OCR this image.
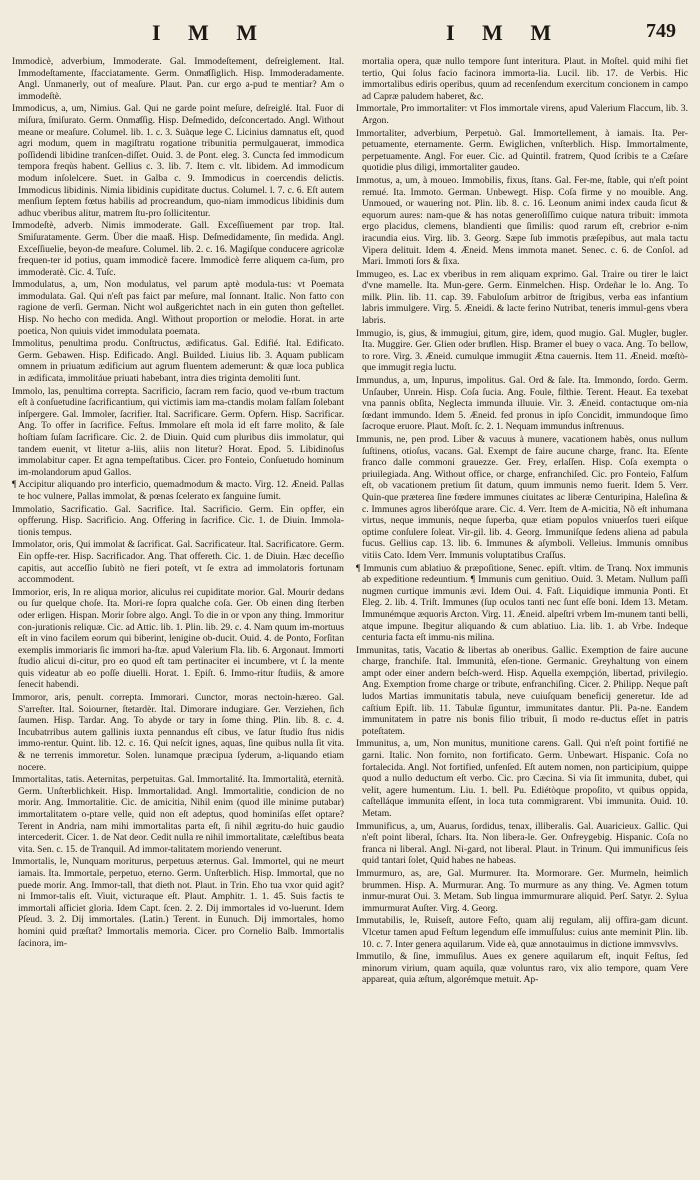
I M M	I M M	749

Immodicè, adverbium, Immoderate. Gal. Immodeſtement, deſreiglement. Ital. Immodeſtamente, ſfacciatamente. Germ. Onmaͤſſiglich. Hisp. Immoderadamente. Angl. Unmanerly, out of meaſure. Plaut. Pan. cur ergo a-pud te mentiar? Am o immodeſtè.

Immodicus, a, um, Nimius. Gal. Qui ne garde point meſure, deſreiglé. Ital. Fuor di miſura, ſmiſurato. Germ. Onmaͤſſig. Hisp. Deſmedido, deſconcertado. Angl. Without meane or meaſure. Columel. lib. 1. c. 3. Suàque lege C. Licinius damnatus eſt, quod agri modum, quem in magiſtratu rogatione tribunitia permulgauerat, immodica poſſidendi libidine tranſcen-diſſet. Ouid. 3. de Pont. eleg. 3. Cuncta ſed immodicum tempora freqùs habent. Gellius c. 3. lib. 7. Item c. vlt. libidem. Ad immodicum modum inſolelcere. Suet. in Galba c. 9. Immodicus in coercendis delictis. Immodicus libidinis. Nimia libidinis cupiditate ductus. Columel. l. 7. c. 6. Eſt autem menſium ſeptem fœtus habilis ad procreandum, quo-niam immodicus libidinis dum adhuc vberibus alitur, matrem ſtu-pro ſollicitentur.

Immodeſtè, adverb. Nimis immoderate. Gall. Exceſſiuement par trop. Ital. Smiſuratamente. Germ. Über die maaß. Hisp. Deſmedidamente, ſin medida. Angl. Exceſſiuelie, beyon-de meaſure. Columel. lib. 2. c. 16. Magiſque conducere agricolæ frequen-ter id potius, quam immodicè facere. Immodicè ferre aliquem ca-ſum, pro immoderatè. Cic. 4. Tuſc.

Immodulatus, a, um, Non modulatus, vel parum aptè modula-tus: vt Poemata immodulata. Gal. Qui n'eſt pas faict par meſure, mal ſonnant. Italic. Non fatto con ragione de verſi. German. Nicht wol außgerichtet nach in ein guten thon geſtellet. Hisp. No hecho con medida. Angl. Without proportion or melodie. Horat. in arte poetica, Non quiuis videt immodulata poemata.

Immolitus, penultima produ. Conſtructus, ædificatus. Gal. Edifié. Ital. Edificato. Germ. Gebawen. Hisp. Edificado. Angl. Builded. Liuius lib. 3. Aquam publicam omnem in priuatum ædificium aut agrum fluentem ademerunt: & quæ loca publica in ædificata, immolitáue priuati habebant, intra dies triginta demoliti ſunt.

Immolo, las, penultima correpta. Sacrificio, ſacram rem facio, quod ve-rbum tractum eſt à conſuetudine ſacrificantium, qui victimis iam ma-ctandis molam falſam ſolebant inſpergere. Gal. Immoler, ſacrifier. Ital. Sacrificare. Germ. Opfern. Hisp. Sacrificar. Ang. To offer in ſacrifice. Feſtus. Immolare eſt mola id eſt farre molito, & ſale hoſtiam ſuſam ſacrificare. Cic. 2. de Diuin. Quid cum pluribus diis immolatur, qui tandem euenit, vt litetur a-liis, aliis non litetur? Horat. Epod. 5. Libidinoſus immolabitur caper. Et agna tempeſtatibus. Cicer. pro Fonteio, Conſuetudo hominum im-molandorum apud Gallos.

¶ Accipitur aliquando pro interficio, quemadmodum & macto. Virg. 12. Æneid. Pallas te hoc vulnere, Pallas immolat, & pœnas ſcelerato ex ſanguine ſumit.

Immolatio, Sacrificatio. Gal. Sacrifice. Ital. Sacrificio. Germ. Ein opffer, ein opfferung. Hisp. Sacrificio. Ang. Offering in ſacrifice. Cic. 1. de Diuin. Immola-tionis tempus.

Immolator, oris, Qui immolat & ſacrificat. Gal. Sacrificateur. Ital. Sacrificatore. Germ. Ein opffe-rer. Hisp. Sacrificador. Ang. That offereth. Cic. 1. de Diuin. Hæc deceſſio capitis, aut acceſſio ſubitò ne fieri poteſt, vt ſe extra ad immolatoris fortunam accommodent.

Immorior, eris, In re aliqua morior, aliculus rei cupiditate morior. Gal. Mourir dedans ou ſur quelque choſe. Ita. Mori-re ſopra qualche coſa. Ger. Ob einen ding ſterben oder erligen. Hispan. Morir ſobre algo. Angl. To die in or vpon any thing. Immoritur con-jurationis reliquæ. Cic. ad Attic. lib. 1. Plin. lib. 29. c. 4. Nam quum im-mortuus eſt in vino facilem eorum qui biberint, lenigine ob-ducit. Ouid. 4. de Ponto, Forſitan exemplis immoriaris ſic immori ha-ſtæ. apud Valerium Fla. lib. 6. Argonaut. Immorti ſtudio alicui di-citur, pro eo quod eſt tam pertinaciter ei incumbere, vt ſ. la mente quis videatur ab eo poſſe diuelli. Horat. 1. Epiſt. 6. Immo-ritur ſtudiis, & amore ſenecit habendi.

Immoror, aris, penult. correpta. Immorari. Cunctor, moras nectoin-hæreo. Gal. S'arreſter. Ital. Soiourner, ſtetardèr. Ital. Dimorare indugiare. Ger. Verziehen, ſich ſaumen. Hisp. Tardar. Ang. To abyde or tary in ſome thing. Plin. lib. 8. c. 4. Incubatrribus autem gallinis iuxta pennandus eſt cibus, ve ſatur ſtudio ſtus nidis immo-rentur. Quint. lib. 12. c. 16. Qui neſcit ignes, aquas, ſine quibus nulla ſit vita. & ne terrenis immoretur. Solen. lunamque præcipua ſyderum, a-liquando etiam nocere.

Immortalitas, tatis. Aeternitas, perpetuitas. Gal. Immortalité. Ita. Immortalità, eternità. Germ. Unſterblichkeit. Hisp. Immortalidad. Angl. Immortalitie, condicion de no morir. Ang. Immortalitie. Cic. de amicitia, Nihil enim (quod ille minime putabar) immortalitatem o-ptare velle, quid non eſt adeptus, quod hominiſas eſſet optare? Terent in Andria, nam mihi immortalitas parta eſt, ſi nihil ægritu-do huic gaudio intercederit. Cicer. 1. de Nat deor. Cedit nulla re nihil immortalitate, cæleſtibus beata vita. Sen. c. 15. de Tranquil. Ad immor-talitatem moriendo venerunt.

Immortalis, le, Nunquam moriturus, perpetuus æternus. Gal. Immortel, qui ne meurt iamais. Ita. Immortale, perpetuo, eterno. Germ. Unſterblich. Hisp. Immortal, que no puede morir. Ang. Immor-tall, that dieth not. Plaut. in Trin. Eho tua vxor quid agit? ni Immor-talis eſt. Viuit, victuraque eſt. Plaut. Amphitr. 1. 1. 45. Suis factis te immortali aſficiet gloria. Idem Capt. ſcen. 2. 2. Dij immortales id vo-luerunt. Idem Pſeud. 3. 2. Dij immortales. (Latin.) Terent. in Eunuch. Dij immortales, homo homini quid præſtat? Immortalis memoria. Cicer. pro Cornelio Balb. Immortalis ſacinora, im-

mortalia opera, quæ nullo tempore ſunt interitura. Plaut. in Moſtel. quid mihi fiet tertio, Qui ſolus facio facinora immorta-lia. Lucil. lib. 17. de Verbis. Hic immortalibus ediris operibus, quum ad recenſendum exercitum concionem in campo ad Capræ paludem haberet, &c.

Immortale, Pro immortaliter: vt Flos immortale virens, apud Valerium Flaccum, lib. 3. Argon.

Immortaliter, adverbium, Perpetuò. Gal. Immortellement, à iamais. Ita. Per-petuamente, eternamente. Germ. Ewiglichen, vnſterblich. Hisp. Immortalmente, perpetuamente. Angl. For euer. Cic. ad Quintil. fratrem, Quod ſcribis te a Cæſare quotidie plus diligi, immortaliter gaudeo.

Immotus, a, um, à moueo. Immobilis, fixus, ſtans. Gal. Fer-me, ſtable, qui n'eſt point remué. Ita. Immoto. German. Unbewegt. Hisp. Coſa firme y no mouible. Ang. Unmoued, or wauering not. Plin. lib. 8. c. 16. Leonum animi index cauda ſicut & equorum aures: nam-que & has notas generoſiſſimo cuique natura tribuit: immota ergo placidus, clemens, blandienti que ſimilis: quod rarum eſt, crebrior e-nim iracundia eius. Virg. lib. 3. Georg. Sæpe ſub immotis præſepibus, aut mala tactu Vipera delituit. Idem 4. Æneid. Mens immota manet. Senec. c. 6. de Conſol. ad Mari. Immoti ſors & ſixa.

Immugeo, es. Lac ex vberibus in rem aliquam exprimo. Gal. Traire ou tirer le laict d'vne mamelle. Ita. Mun-gere. Germ. Einmelchen. Hisp. Ordeñar le lo. Ang. To milk. Plin. lib. 11. cap. 39. Fabuloſum arbitror de ſtrigibus, verba eas infantium labris immulgere. Virg. 5. Æneidi. & lacte ferino Nutribat, teneris immul-gens vbera labris.

Immugio, is, gius, & immugiui, gitum, gire, idem, quod mugio. Gal. Mugler, bugler. Ita. Muggire. Ger. Glien oder bruͤllen. Hisp. Bramer el buey o vaca. Ang. To bellow, to rore. Virg. 3. Æneid. cumulque immugiit Ætna cauernis. Item 11. Æneid. mœſtò-que immugit regia luctu.

Immundus, a, um, Inpurus, impolitus. Gal. Ord & ſale. Ita. Immondo, ſordo. Germ. Unſauber, Unrein. Hisp. Coſa ſucia. Ang. Foule, filthie. Terent. Heaut. Ea texebat vna pannis obſita, Neglecta immunda illuuie. Vir. 3. Æneid. contactuque om-nia ſœdant immundo. Idem 5. Æneid. fed pronus in ipſo Concidit, immundoque ſimo ſacroque eruore. Plaut. Moſt. ſc. 2. 1. Nequam immundus inſtrenuus.

Immunis, ne, pen prod. Liber & vacuus à munere, vacationem habès, onus nullum ſuſtinens, otioſus, vacans. Gal. Exempt de faire aucune charge, franc. Ita. Eſente franco dalle commoni grauezze. Ger. Frey, erlaſſen. Hisp. Coſa exempta o priuilegiada. Ang. Without office, or charge, enfranchiſed. Cic. pro Fonteio, Falſum eſt, ob vacationem pretium ſit datum, quum immunis nemo fuerit. Idem 5. Verr. Quin-que præterea ſine fœdere immunes ciuitates ac liberæ Centuripina, Haleſina & c. Immunes agros liberóſque arare. Cic. 4. Verr. Item de A-micitia, Nõ eſt inhumana virtus, neque immunis, neque ſuperba, quæ etiam populos vniuerſos tueri eiſque optime conſulere ſoleat. Vir-gil. lib. 4. Georg. Immuniſque ſedens aliena ad pabula fucus. Gellius cap. 13. lib. 6. Immunes & aſymboli. Velleius. Immunis omnibus vitiis Cato. Idem Verr. Immunis voluptatibus Craſſus.

¶ Immunis cum ablatiuo & præpoſitione, Senec. epiſt. vltim. de Tranq. Nox immunis ab expeditione redeuntium. ¶ Immunis cum genitiuo. Ouid. 3. Metam. Nullum paſſi nugmen curtique immunis ævi. Idem Oui. 4. Faſt. Liquidique immunia Ponti. Et Eleg. 2. lib. 4. Triſt. Immunes (ſup oculos tanti nec ſunt eſſe boni. Idem 13. Metam. Immunémque æquoris Arcton. Virg. 11. Æneid. alpeſtri vrbem Im-munem tanti belli, atque impune. Ibegitur aliquando & cum ablatiuo. Lia. lib. 1. ab Vrbe. Indeque centuria facta eſt immu-nis milina.

Immunitas, tatis, Vacatio & libertas ab oneribus. Gallic. Exemption de faire aucune charge, franchiſe. Ital. Immunità, eſen-tione. Germanic. Greyhaltung von einem ampt oder einer andern beſch-werd. Hisp. Aquella exempçión, libertad, privilegio. Ang. Exemption frome charge or tribute, enfranchiſing. Cicer. 2. Philipp. Neque paſt ludos Martias immunitatis tabula, neve cuiuſquam beneficij generetur. Ide ad caſtium Epiſt. lib. 11. Tabulæ ſiguntur, immunitates dantur. Pli. Pa-ne. Eandem immunitatem in patre nis bonis filio tribuit, ſi modo re-ductus eſſet in patris poteſtatem.

Immunitus, a, um, Non munitus, munitione carens. Gall. Qui n'eſt point fortifié ne garni. Italic. Non fornito, non fortificato. Germ. Unbewart. Hispanic. Coſa no fortalecida. Angl. Not fortified, unfenſed. Eſt autem nomen, non participium, quippe quod a nullo deductum eſt verbo. Cic. pro Cæcina. Si via ſit immunita, dubet, qui velit, agere humentum. Liu. 1. bell. Pu. Ediétòque propoſito, vt quibus oppida, caſtelláque immunita eſſent, in loca tuta commigrarent. Vbi immunita. Ouid. 10. Metam.

Immunificus, a, um, Auarus, ſordidus, tenax, illiberalis. Gal. Auaricieux. Gallic. Qui n'eſt point liberal, ſchars. Ita. Non libera-le. Ger. Onfreygebig. Hispanic. Coſa no franca ni liberal. Angl. Ni-gard, not liberal. Plaut. in Trinum. Qui immunificus ſeis quid tantari ſolet, Quid habes ne habeas.

Immurmuro, as, are, Gal. Murmurer. Ita. Mormorare. Ger. Murmeln, heimlich brummen. Hisp. A. Murmurar. Ang. To murmure as any thing. Ve. Agmen totum inmur-murat Oui. 3. Metam. Sub lingua immurmurare aliquid. Perſ. Satyr. 2. Sylua immurmurat Auſter. Virg. 4. Georg.

Immutabilis, le, Ruiseſt, autore Feſto, quam alij regulam, alij offira-gam dicunt. Vlcetur tamen apud Feſtum legendum eſſe immuſſulus: cuius ante meminit Plin. lib. 10. c. 7. Inter genera aquilarum. Vide eà, quæ annotauimus in dictione immvsvlvs.

Immutilo, & ſine, immuſilus. Aues ex genere aquilarum eſt, inquit Feſtus, ſed minorum virium, quam aquila, quæ voluntus raro, vix alio tempore, quam Vere appareat, quia æſtum, algorémque metuit. Ap-
